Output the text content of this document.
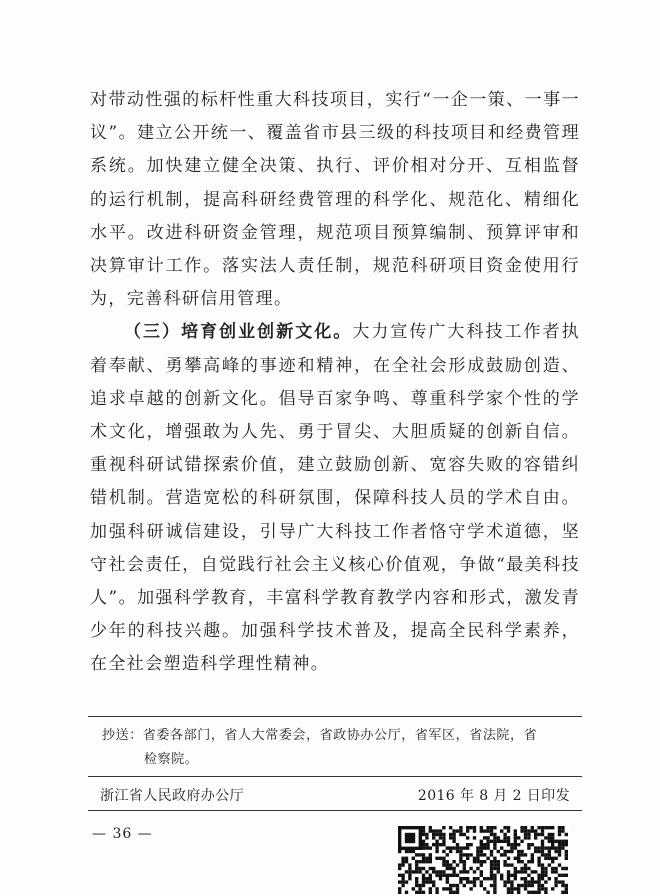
对带动性强的标杆性重大科技项目，实行“一企一策、一事一议”。建立公开统一、覆盖省市县三级的科技项目和经费管理系统。加快建立健全决策、执行、评价相对分开、互相监督的运行机制，提高科研经费管理的科学化、规范化、精细化水平。改进科研资金管理，规范项目预算编制、预算评审和决算审计工作。落实法人责任制，规范科研项目资金使用行为，完善科研信用管理。

（三）培育创业创新文化。大力宣传广大科技工作者执着奉献、勇攀高峰的事迹和精神，在全社会形成鼓励创造、追求卓越的创新文化。倡导百家争鸣、尊重科学家个性的学术文化，增强敢为人先、勇于冒尖、大胆质疑的创新自信。重视科研试错探索价值，建立鼓励创新、宽容失败的容错纠错机制。营造宽松的科研氛围，保障科技人员的学术自由。加强科研诚信建设，引导广大科技工作者恪守学术道德，坚守社会责任，自觉践行社会主义核心价值观，争做“最美科技人”。加强科学教育，丰富科学教育教学内容和形式，激发青少年的科技兴趣。加强科学技术普及，提高全民科学素养，在全社会塑造科学理性精神。

抄送：省委各部门，省人大常委会，省政协办公厅，省军区，省法院，省
检察院。
浙江省人民政府办公厅	2016 年 8 月 2 日印发
— 36 —
